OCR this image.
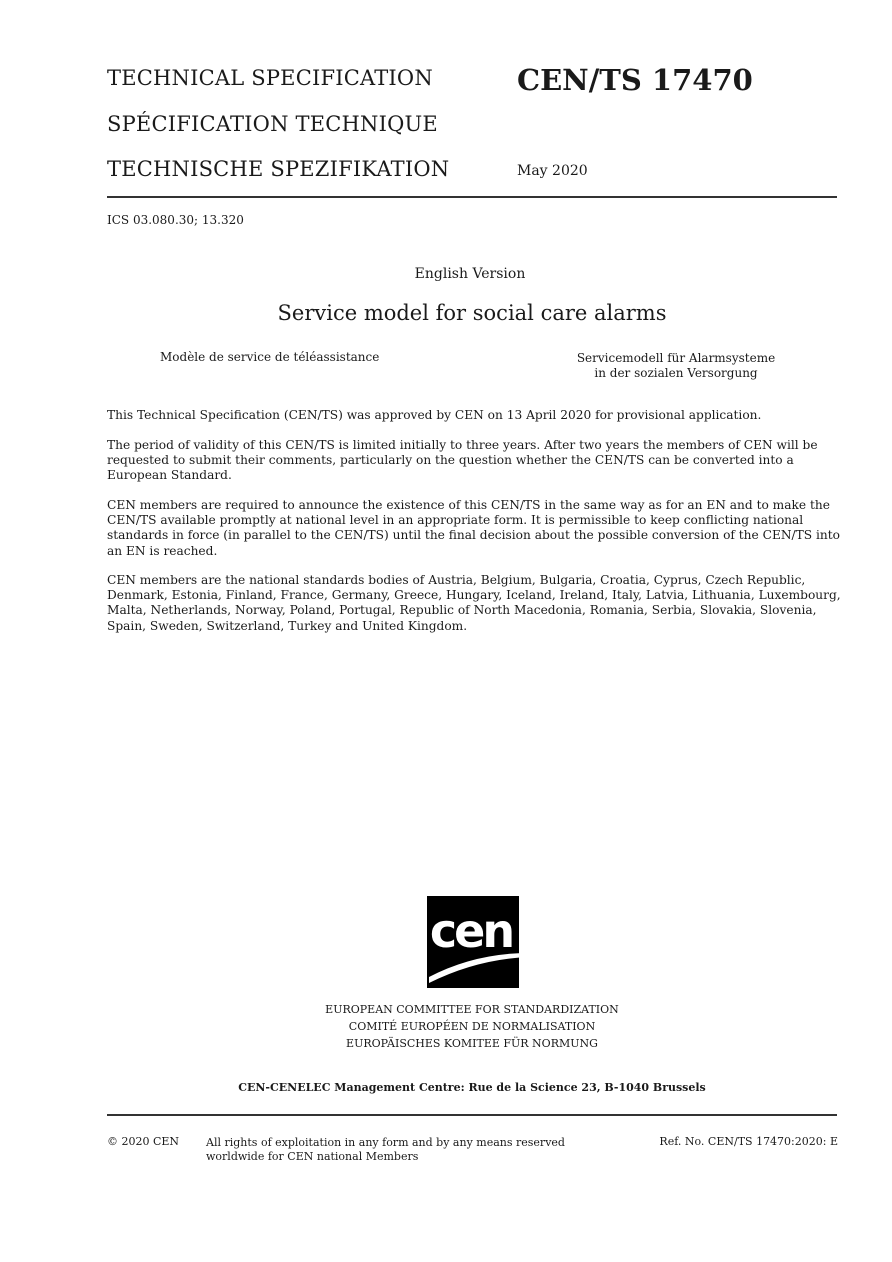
TECHNICAL SPECIFICATION
SPÉCIFICATION TECHNIQUE
TECHNISCHE SPEZIFIKATION
CEN/TS 17470
May 2020
ICS 03.080.30; 13.320
English Version
Service model for social care alarms
Modèle de service de téléassistance	Servicemodell für Alarmsysteme
in der sozialen Versorgung

This Technical Specification (CEN/TS) was approved by CEN on 13 April 2020 for provisional application.

The period of validity of this CEN/TS is limited initially to three years. After two years the members of CEN will be requested to submit their comments, particularly on the question whether the CEN/TS can be converted into a European Standard.

CEN members are required to announce the existence of this CEN/TS in the same way as for an EN and to make the CEN/TS available promptly at national level in an appropriate form. It is permissible to keep conflicting national standards in force (in parallel to the CEN/TS) until the final decision about the possible conversion of the CEN/TS into an EN is reached.

CEN members are the national standards bodies of Austria, Belgium, Bulgaria, Croatia, Cyprus, Czech Republic, Denmark, Estonia, Finland, France, Germany, Greece, Hungary, Iceland, Ireland, Italy, Latvia, Lithuania, Luxembourg, Malta, Netherlands, Norway, Poland, Portugal, Republic of North Macedonia, Romania, Serbia, Slovakia, Slovenia, Spain, Sweden, Switzerland, Turkey and United Kingdom.

cen
EUROPEAN COMMITTEE FOR STANDARDIZATION
COMITÉ EUROPÉEN DE NORMALISATION
EUROPÄISCHES KOMITEE FÜR NORMUNG
CEN-CENELEC Management Centre: Rue de la Science 23, B-1040 Brussels
© 2020 CEN All rights of exploitation in any form and by any means reserved
worldwide for CEN national Members
Ref. No. CEN/TS 17470:2020: E
